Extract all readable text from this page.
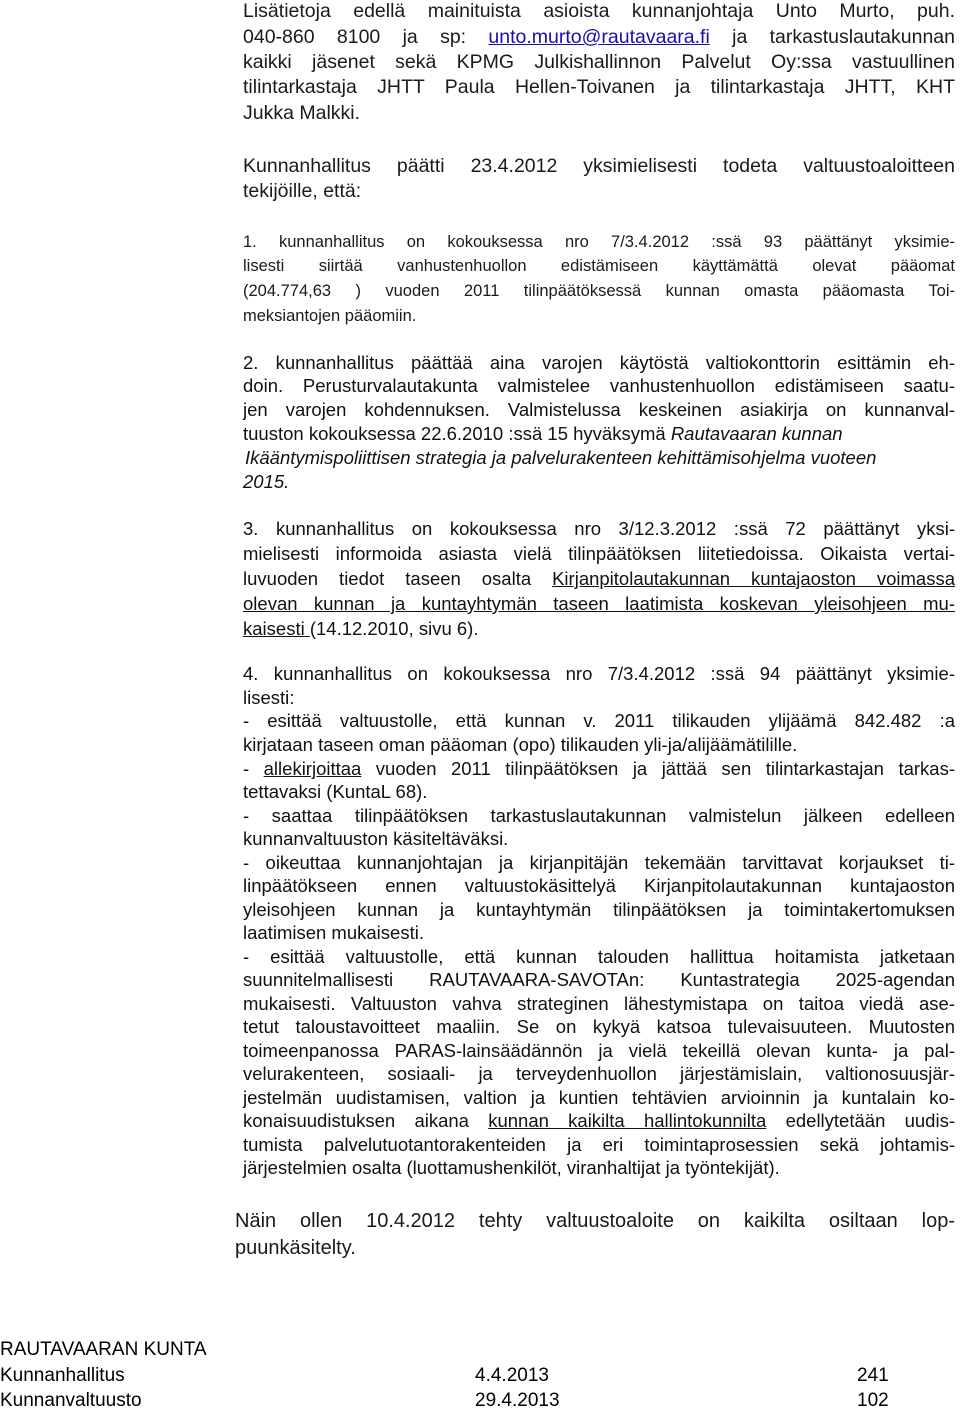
Lisätietoja edellä mainituista asioista kunnanjohtaja Unto Murto, puh.
040-860 8100 ja sp: unto.murto@rautavaara.fi ja tarkastuslautakunnan
kaikki jäsenet sekä KPMG Julkishallinnon Palvelut Oy:ssa vastuullinen
tilintarkastaja JHTT Paula Hellen-Toivanen ja tilintarkastaja JHTT, KHT
Jukka Malkki.
Kunnanhallitus päätti 23.4.2012 yksimielisesti todeta valtuustoaloitteen
tekijöille, että:
1. kunnanhallitus on kokouksessa nro 7/3.4.2012 :ssä 93 päättänyt yksimie-
lisesti siirtää vanhustenhuollon edistämiseen käyttämättä olevat pääomat
(204.774,63 ) vuoden 2011 tilinpäätöksessä kunnan omasta pääomasta Toi-
meksiantojen pääomiin.
2. kunnanhallitus päättää aina varojen käytöstä valtiokonttorin esittämin eh-
doin. Perusturvalautakunta valmistelee vanhustenhuollon edistämiseen saatu-
jen varojen kohdennuksen. Valmistelussa keskeinen asiakirja on kunnanval-
tuuston kokouksessa 22.6.2010 :ssä 15 hyväksymä Rautavaaran kunnan
Ikääntymispoliittisen strategia ja palvelurakenteen kehittämisohjelma vuoteen
2015.
3. kunnanhallitus on kokouksessa nro 3/12.3.2012 :ssä 72 päättänyt yksi-
mielisesti informoida asiasta vielä tilinpäätöksen liitetiedoissa. Oikaista vertai-
luvuoden tiedot taseen osalta Kirjanpitolautakunnan kuntajaoston voimassa
olevan kunnan ja kuntayhtymän taseen laatimista koskevan yleisohjeen mu-
kaisesti (14.12.2010, sivu 6).
4. kunnanhallitus on kokouksessa nro 7/3.4.2012 :ssä 94 päättänyt yksimie-
lisesti:
- esittää valtuustolle, että kunnan v. 2011 tilikauden ylijäämä 842.482 :a
kirjataan taseen oman pääoman (opo) tilikauden yli-ja/alijäämätilille.
- allekirjoittaa vuoden 2011 tilinpäätöksen ja jättää sen tilintarkastajan tarkas-
tettavaksi (KuntaL 68).
- saattaa tilinpäätöksen tarkastuslautakunnan valmistelun jälkeen edelleen
kunnanvaltuuston käsiteltäväksi.
- oikeuttaa kunnanjohtajan ja kirjanpitäjän tekemään tarvittavat korjaukset ti-
linpäätökseen ennen valtuustokäsittelyä Kirjanpitolautakunnan kuntajaoston
yleisohjeen kunnan ja kuntayhtymän tilinpäätöksen ja toimintakertomuksen
laatimisen mukaisesti.
- esittää valtuustolle, että kunnan talouden hallittua hoitamista jatketaan
suunnitelmallisesti RAUTAVAARA-SAVOTAn: Kuntastrategia 2025-agendan
mukaisesti. Valtuuston vahva strateginen lähestymistapa on taitoa viedä ase-
tetut taloustavoitteet maaliin. Se on kykyä katsoa tulevaisuuteen. Muutosten
toimeenpanossa PARAS-lainsäädännön ja vielä tekeillä olevan kunta- ja pal-
velurakenteen, sosiaali- ja terveydenhuollon järjestämislain, valtionosuusjär-
jestelmän uudistamisen, valtion ja kuntien tehtävien arvioinnin ja kuntalain ko-
konaisuudistuksen aikana kunnan kaikilta hallintokunnilta edellytetään uudis-
tumista palvelutuotantorakenteiden ja eri toimintaprosessien sekä johtamis-
järjestelmien osalta (luottamushenkilöt, viranhaltijat ja työntekijät).
Näin ollen 10.4.2012 tehty valtuustoaloite on kaikilta osiltaan lop-
puunkäsitelty.
RAUTAVAARAN KUNTA
Kunnanhallitus	4.4.2013	241
Kunnanvaltuusto	29.4.2013	102
